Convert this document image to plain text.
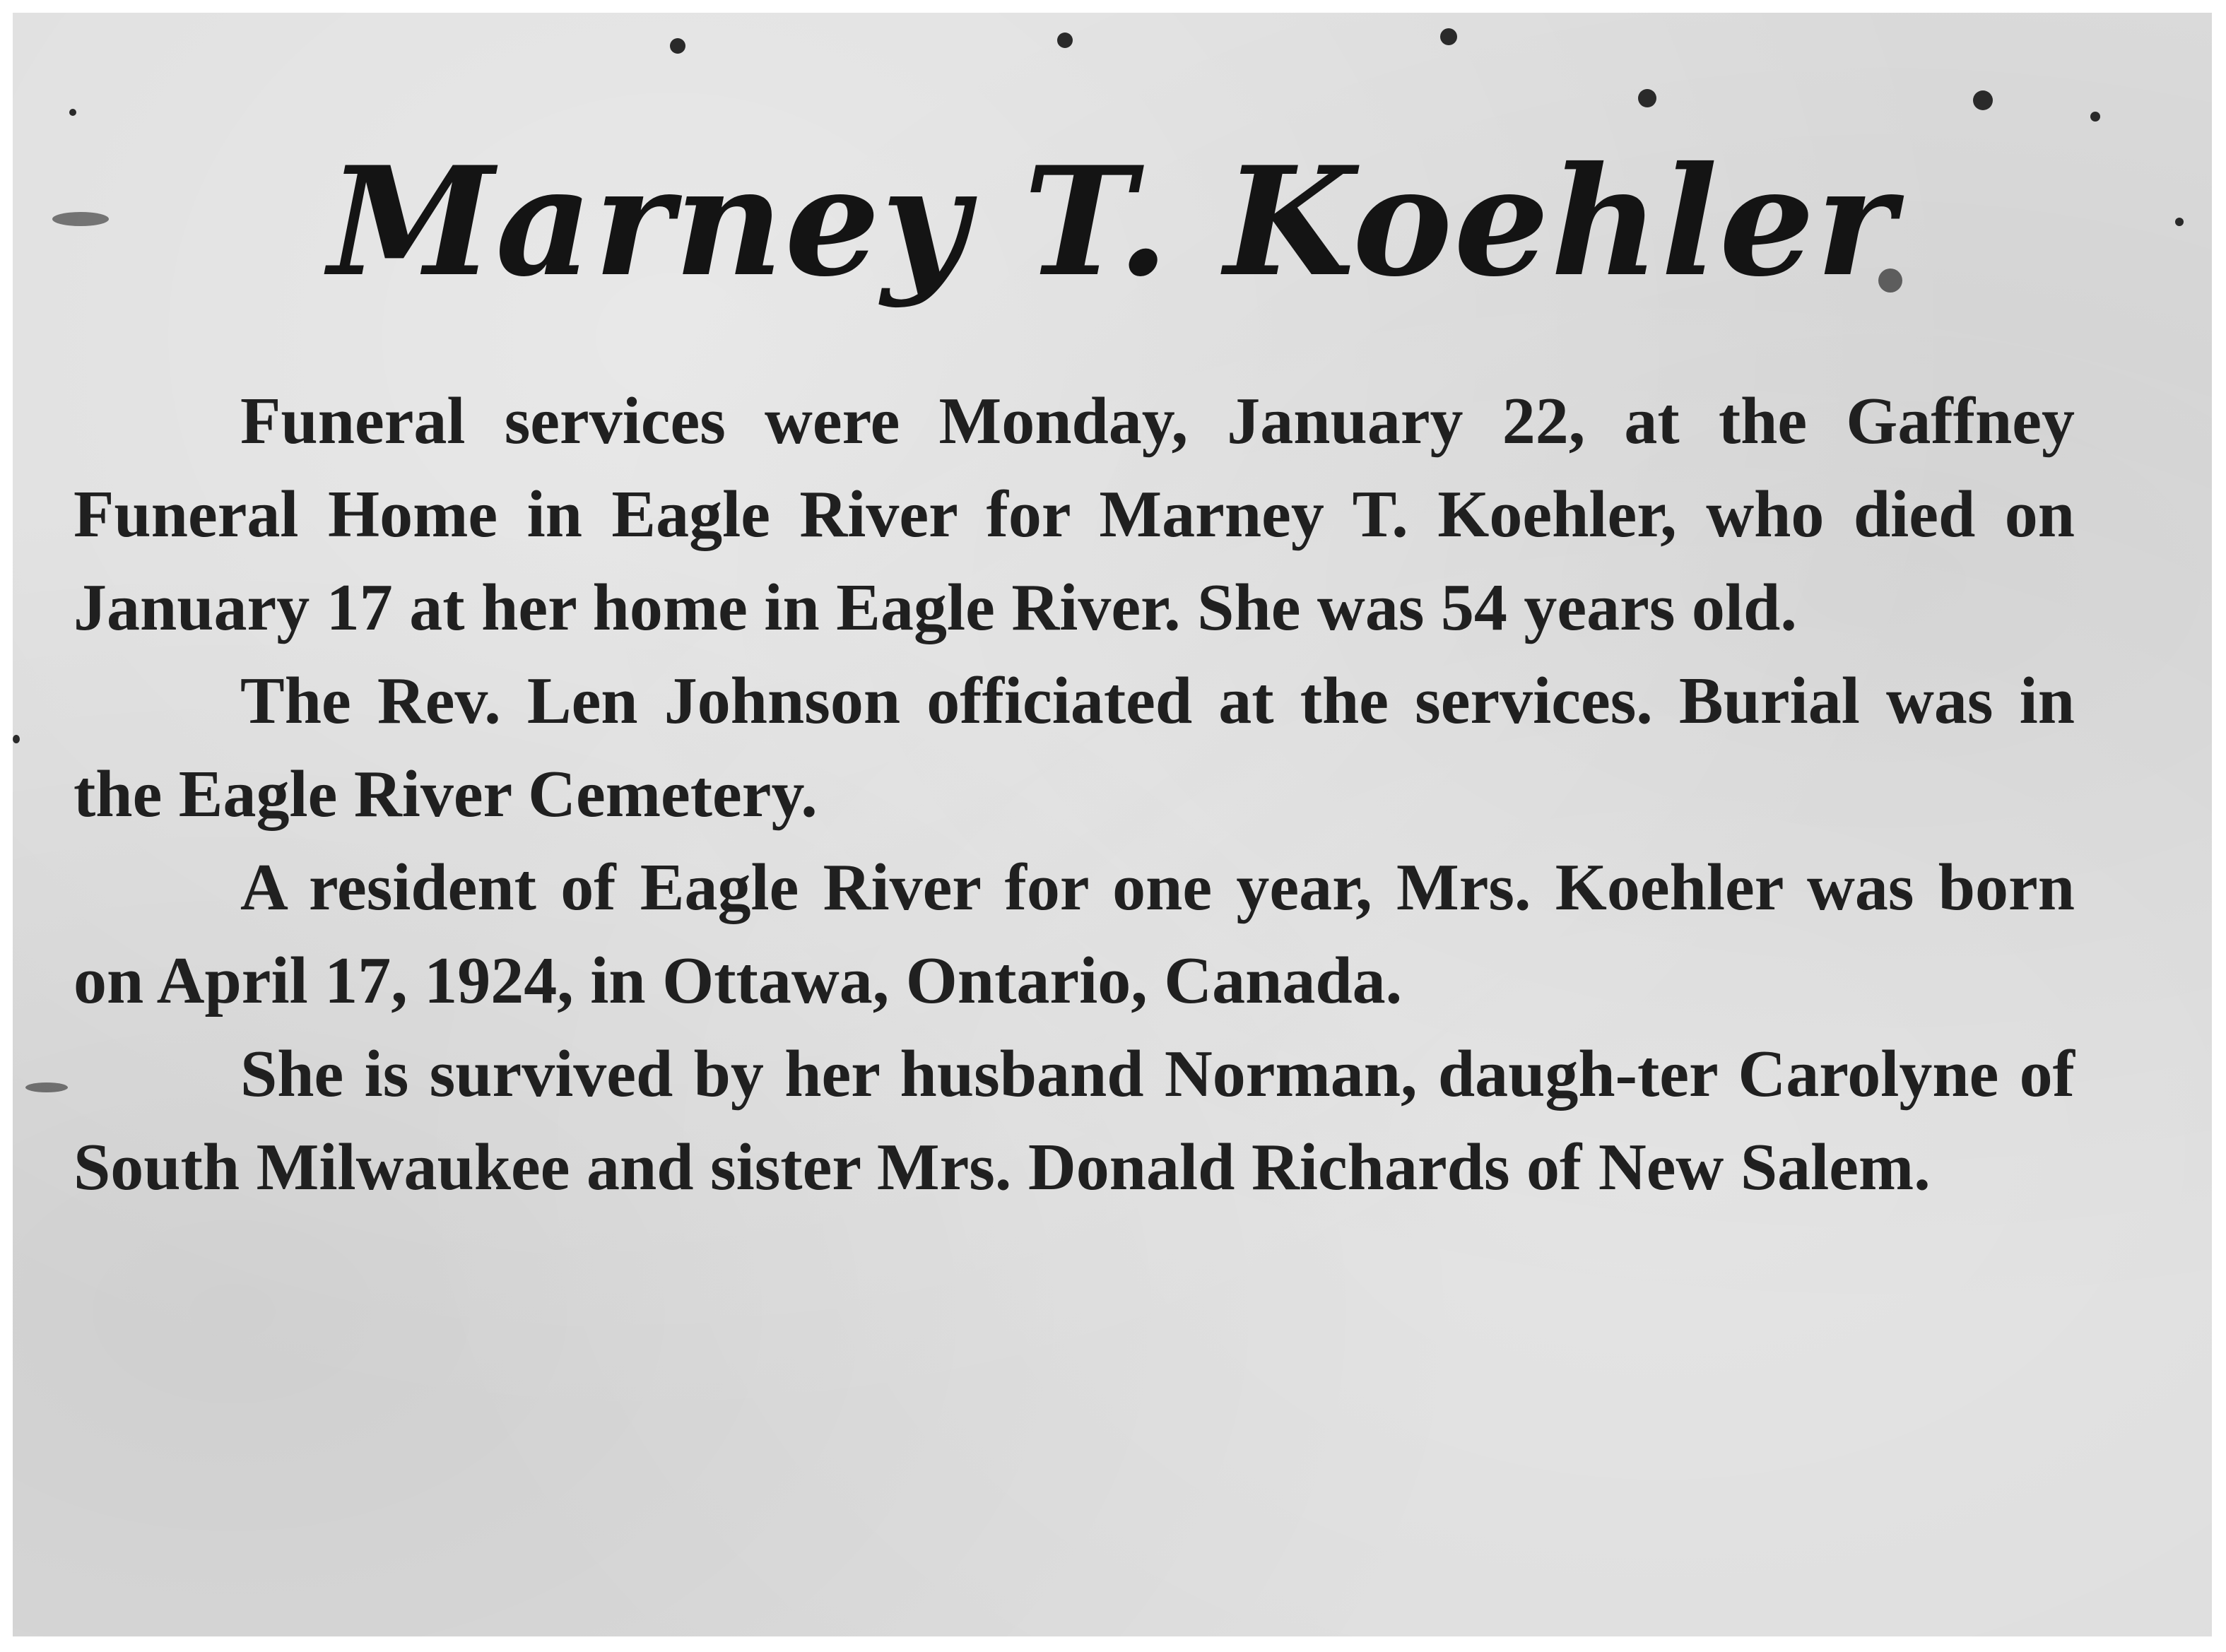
Marney T. Koehler

Funeral services were Monday, January 22, at the Gaffney Funeral Home in Eagle River for Marney T. Koehler, who died on January 17 at her home in Eagle River. She was 54 years old.

The Rev. Len Johnson officiated at the services. Burial was in the Eagle River Cemetery.

A resident of Eagle River for one year, Mrs. Koehler was born on April 17, 1924, in Ottawa, Ontario, Canada.

She is survived by her husband Norman, daugh-ter Carolyne of South Milwaukee and sister Mrs. Donald Richards of New Salem.
